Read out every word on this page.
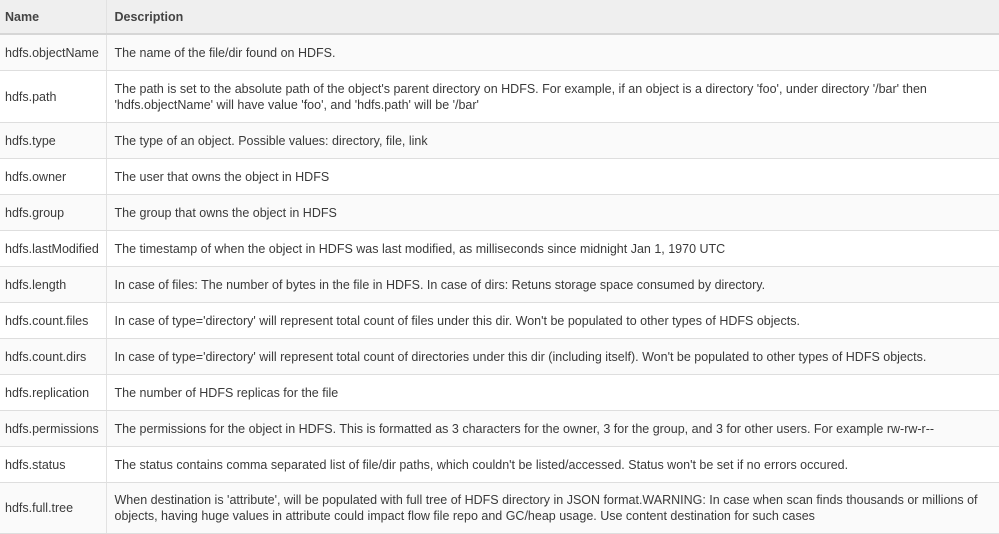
Name	Description
hdfs.objectName	The name of the file/dir found on HDFS.
hdfs.path	The path is set to the absolute path of the object's parent directory on HDFS. For example, if an object is a directory 'foo', under directory '/bar' then 'hdfs.objectName' will have value 'foo', and 'hdfs.path' will be '/bar'
hdfs.type	The type of an object. Possible values: directory, file, link
hdfs.owner	The user that owns the object in HDFS
hdfs.group	The group that owns the object in HDFS
hdfs.lastModified	The timestamp of when the object in HDFS was last modified, as milliseconds since midnight Jan 1, 1970 UTC
hdfs.length	In case of files: The number of bytes in the file in HDFS. In case of dirs: Retuns storage space consumed by directory.
hdfs.count.files	In case of type='directory' will represent total count of files under this dir. Won't be populated to other types of HDFS objects.
hdfs.count.dirs	In case of type='directory' will represent total count of directories under this dir (including itself). Won't be populated to other types of HDFS objects.
hdfs.replication	The number of HDFS replicas for the file
hdfs.permissions	The permissions for the object in HDFS. This is formatted as 3 characters for the owner, 3 for the group, and 3 for other users. For example rw-rw-r--
hdfs.status	The status contains comma separated list of file/dir paths, which couldn't be listed/accessed. Status won't be set if no errors occured.
hdfs.full.tree	When destination is 'attribute', will be populated with full tree of HDFS directory in JSON format.WARNING: In case when scan finds thousands or millions of objects, having huge values in attribute could impact flow file repo and GC/heap usage. Use content destination for such cases
